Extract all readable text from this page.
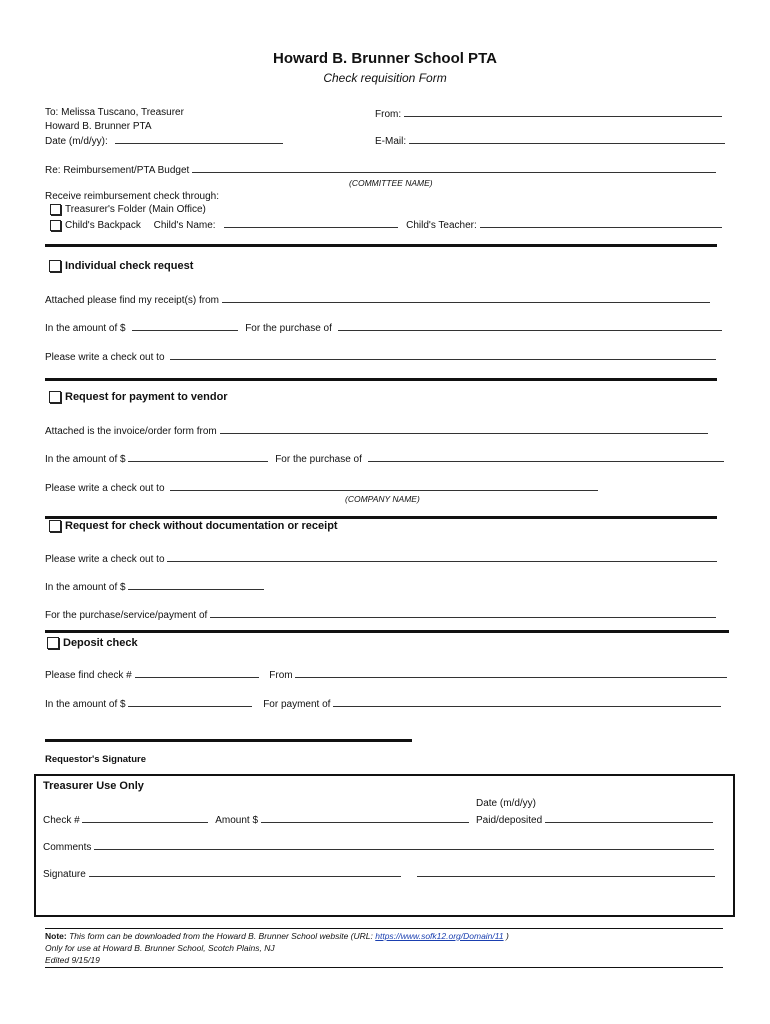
Howard B. Brunner School PTA
Check requisition Form
To: Melissa Tuscano, Treasurer
Howard B. Brunner PTA
Date (m/d/yy):
From:
E-Mail:
Re: Reimbursement/PTA Budget
(COMMITTEE NAME)
Receive reimbursement check through:
Treasurer's Folder (Main Office)
Child's Backpack Child's Name:	Child's Teacher:
Individual check request
Attached please find my receipt(s) from
In the amount of $	For the purchase of
Please write a check out to
Request for payment to vendor
Attached is the invoice/order form from
In the amount of $	For the purchase of
Please write a check out to
(COMPANY NAME)
Request for check without documentation or receipt
Please write a check out to
In the amount of $
For the purchase/service/payment of
Deposit check
Please find check #	From
In the amount of $	For payment of
Requestor's Signature
Treasurer Use Only
Date (m/d/yy)
Check #	Amount $	Paid/deposited
Comments
Signature
Note: This form can be downloaded from the Howard B. Brunner School website (URL: https://www.sofk12.org/Domain/11 )
Only for use at Howard B. Brunner School, Scotch Plains, NJ
Edited 9/15/19
